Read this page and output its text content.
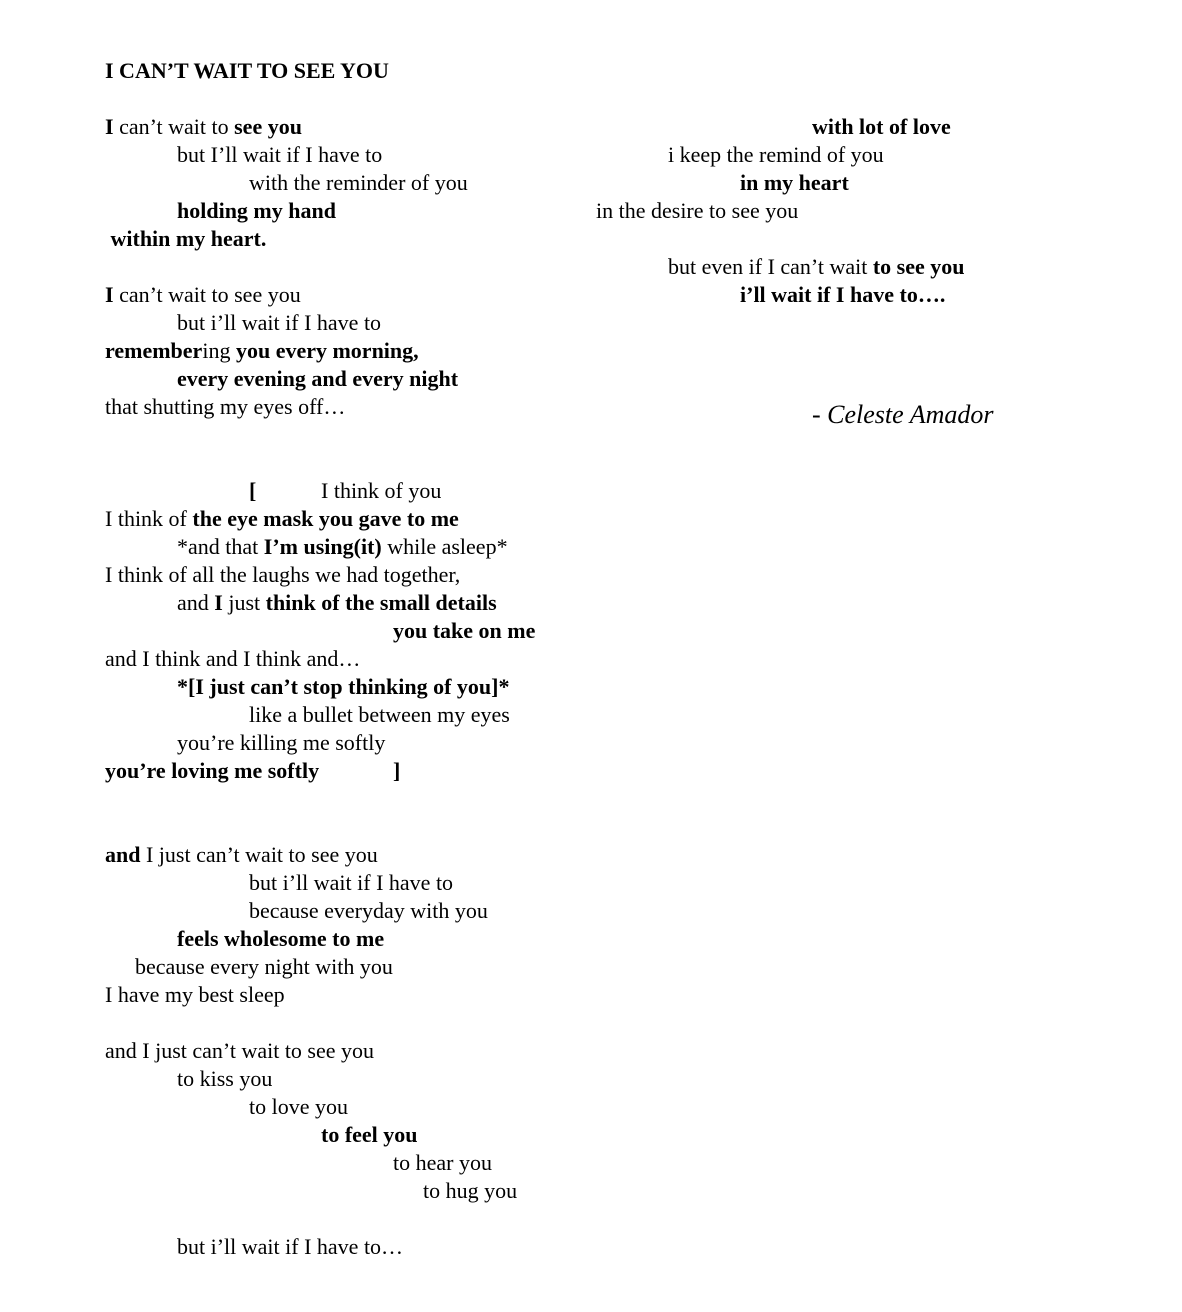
I CAN’T WAIT TO SEE YOU
I can’t wait to see you
but I’ll wait if I have to
with the reminder of you
holding my hand
within my heart.
I can’t wait to see you
but i’ll wait if I have to
remembering you every morning,
every evening and every night
that shutting my eyes off…
[	I think of you
I think of the eye mask you gave to me
*and that I’m using(it) while asleep*
I think of all the laughs we had together,
and I just think of the small details
you take on me
and I think and I think and…
*[I just can’t stop thinking of you]*
like a bullet between my eyes
you’re killing me softly
you’re loving me softly	]
and I just can’t wait to see you
but i’ll wait if I have to
because everyday with you
feels wholesome to me
because every night with you
I have my best sleep
and I just can’t wait to see you
to kiss you
to love you
to feel you
to hear you
to hug you
but i’ll wait if I have to…
with lot of love
i keep the remind of you
in my heart
in the desire to see you
but even if I can’t wait to see you
i’ll wait if I have to….
- Celeste Amador
